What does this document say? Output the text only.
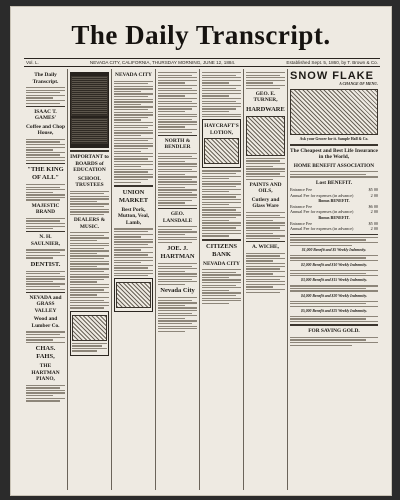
The Daily Transcript.
Vol. L.	NEVADA CITY, CALIFORNIA, THURSDAY MORNING, JUNE 12, 1884.	Established Sept. 5, 1860, by T. Brown & Co.
The Daily Transcript.
ISAAC T. GAMES'
Coffee and Chop House,
"THE KING OF ALL"
MAJESTIC BRAND
N. H. SAULNIER,
DENTIST.
NEVADA and GRASS VALLEY
Wood and Lumber Co.
CHAS. FAHS,
THE HARTMAN PIANO,
IMPORTANT to BOARDS of EDUCATION
SCHOOL TRUSTEES
DEALERS & MUSIC.
NEVADA CITY
UNION MARKET
Best Pork, Mutton, Veal, Lamb,
NORTH & BENDLER
GEO. LANSDALE
JOE. J. HARTMAN
Nevada City
HAYCRAFT'S LOTION,
CITIZENS BANK
NEVADA CITY
GEO. E. TURNER,
HARDWARE
PAINTS AND OILS,
Cutlery and Glass Ware
A. WICHE,
SNOW FLAKE
A CHANGE OF MENU.
Ask your Grocer for it. Sample Hall & Co.
The Cheapest and Best Life Insurance in the World,
HOME BENEFIT ASSOCIATION
Lost BENEFIT.
Entrance Fee	$5 00
Annual Fee for expenses (in advance)	2 00
Bonus BENEFIT.
Entrance Fee	$6 00
Annual Fee for expenses (in advance)	2 00
Bonus BENEFIT.
Entrance Fee	$5 00
Annual Fee for expenses (in advance)	2 00
$1,000 Benefit and $5 Weekly Indemnity.
$2,000 Benefit and $10 Weekly Indemnity.
$3,000 Benefit and $15 Weekly Indemnity.
$4,000 Benefit and $20 Weekly Indemnity.
$5,000 Benefit and $25 Weekly Indemnity.
FOR SAVING GOLD.
